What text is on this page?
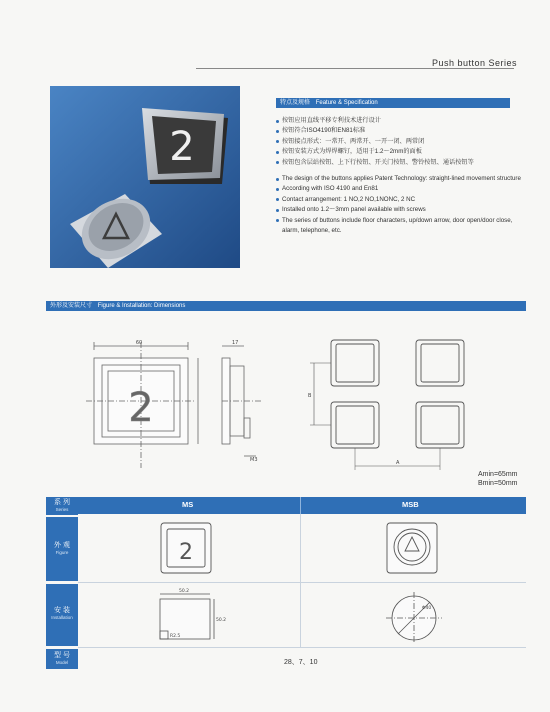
Push button Series
2
特点及规格 Feature & Specification
按钮应用直线平移专利技术进行设计
按钮符合ISO4190和EN81标准
按钮接点形式：一常开、两常开、一开一闭、两常闭
按钮安装方式为焊焊螺钉，适用于1.2～2mm的面板
按钮包含层站按钮、上下行按钮、开关门按钮、警铃按钮、通话按钮等
The design of the buttons applies Patent Technology: straight-lined movement structure
According with ISO 4190 and En81
Contact arrangement: 1 NO,2 NO,1NONC, 2 NC
Installed onto 1.2～3mm panel available with screws
The series of buttons include floor characters, up/down arrow, door open/door close, alarm, telephone, etc.
外形及安装尺寸 Figure & Installation: Dimensions
60
2
17
M3
B
A
Amin=65mm
Bmin=50mm
系 列
Series
MS	MSB
外 观
Figure
安 装
Installation
型 号
Model
2
50.2
50.2
R2.5
Φ40
28、7、10
